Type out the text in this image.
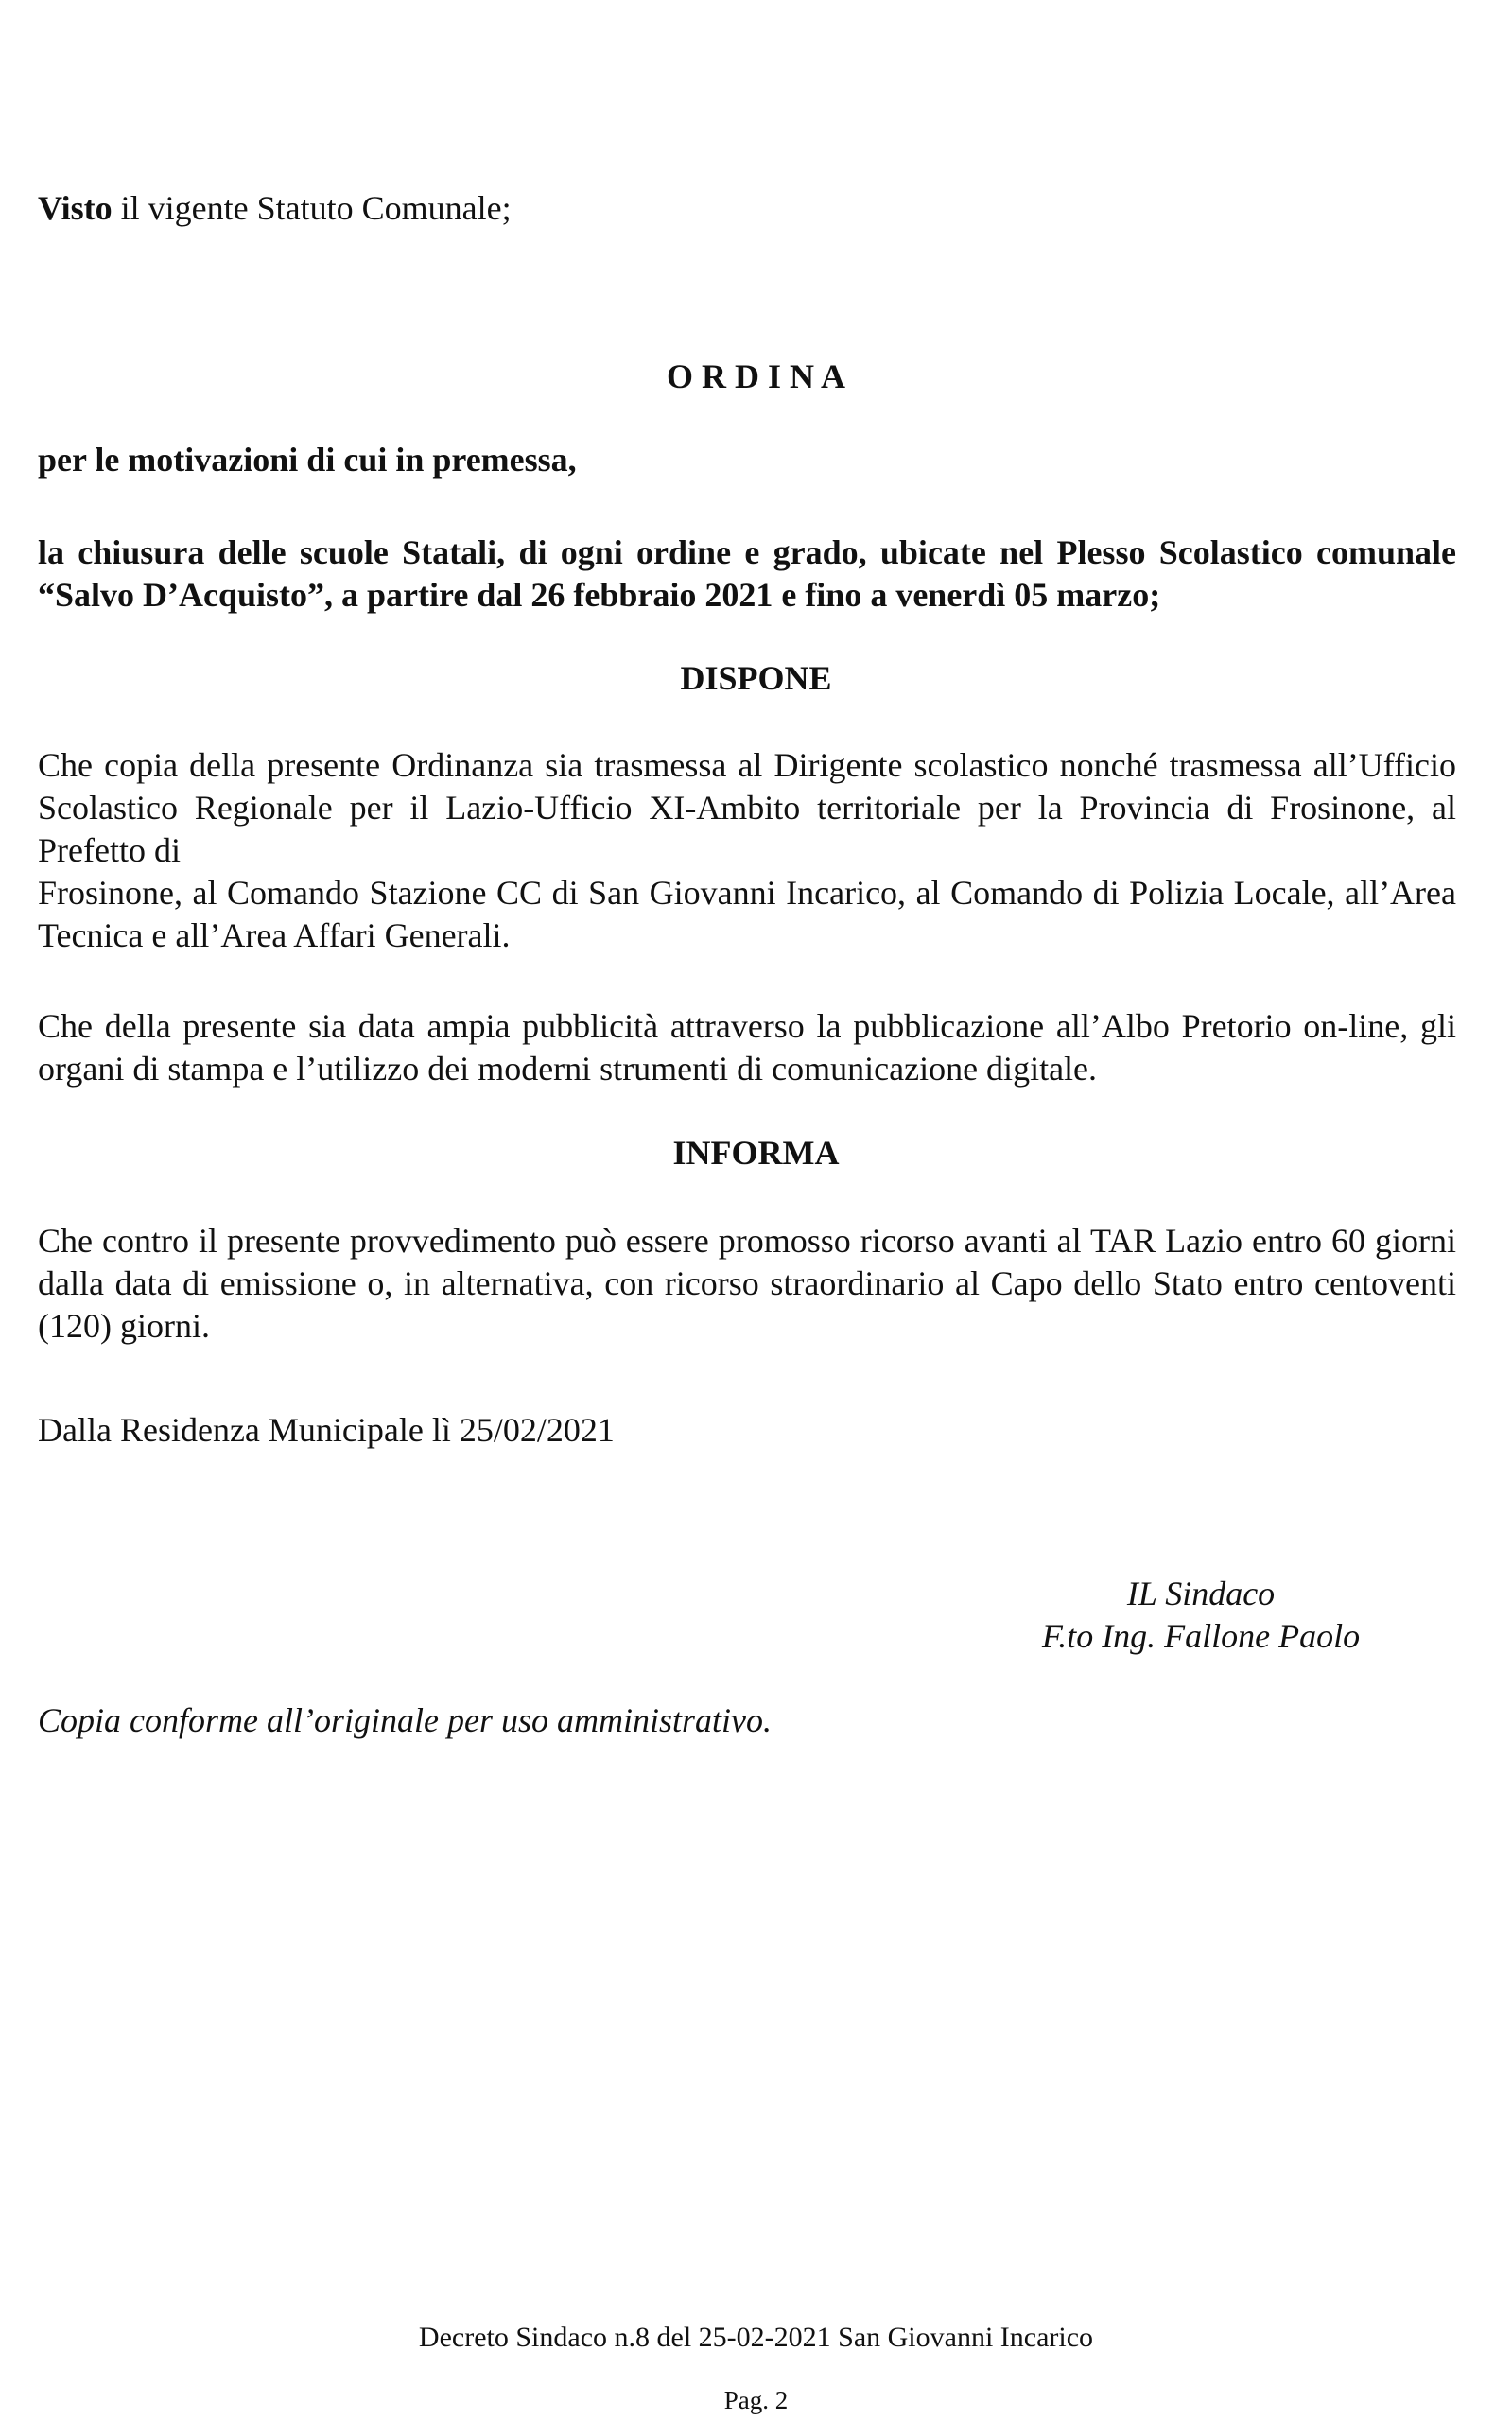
Visto il vigente Statuto Comunale;

O R D I N A

per le motivazioni di cui in premessa,

la chiusura delle scuole Statali, di ogni ordine e grado, ubicate nel Plesso Scolastico comunale “Salvo D’Acquisto”, a partire dal 26 febbraio 2021 e fino a venerdì 05 marzo;

DISPONE

Che copia della presente Ordinanza sia trasmessa al Dirigente scolastico nonché trasmessa all’Ufficio Scolastico Regionale per il Lazio-Ufficio XI-Ambito territoriale per la Provincia di Frosinone, al Prefetto di
Frosinone, al Comando Stazione CC di San Giovanni Incarico, al Comando di Polizia Locale, all’Area Tecnica e all’Area Affari Generali.

Che della presente sia data ampia pubblicità attraverso la pubblicazione all’Albo Pretorio on-line, gli organi di stampa e l’utilizzo dei moderni strumenti di comunicazione digitale.

INFORMA

Che contro il presente provvedimento può essere promosso ricorso avanti al TAR Lazio entro 60 giorni dalla data di emissione o, in alternativa, con ricorso straordinario al Capo dello Stato entro centoventi (120) giorni.

Dalla Residenza Municipale lì 25/02/2021

IL Sindaco
F.to Ing. Fallone Paolo

Copia conforme all’originale per uso amministrativo.

Decreto Sindaco n.8 del 25-02-2021 San Giovanni Incarico
Pag. 2
